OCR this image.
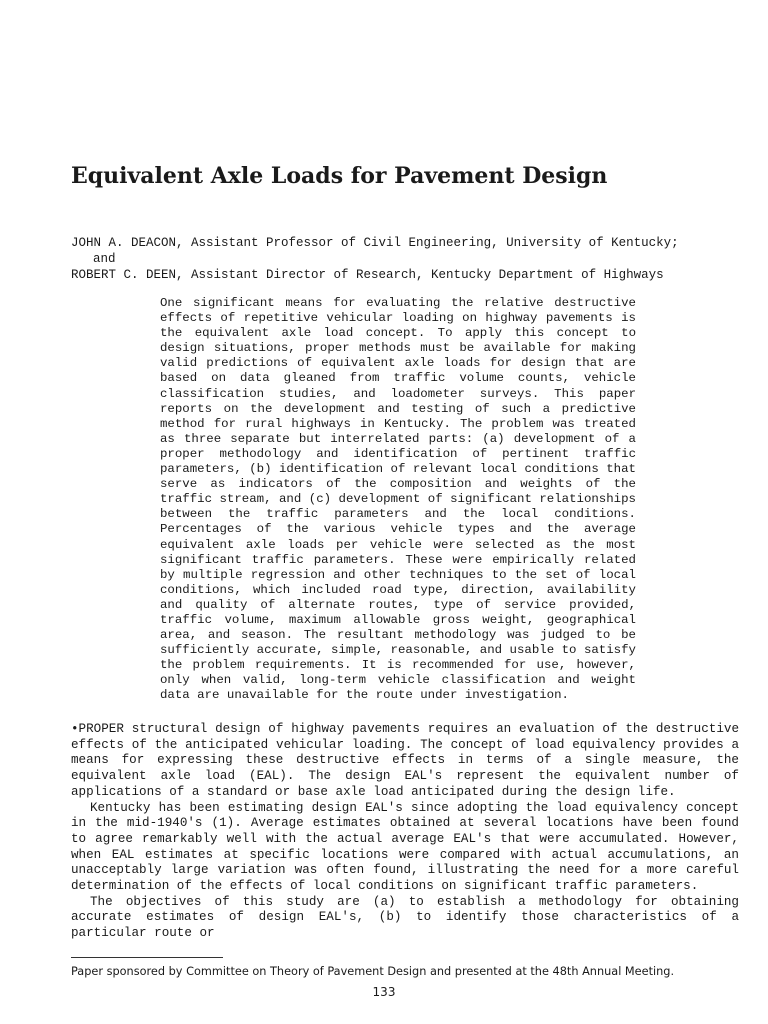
Equivalent Axle Loads for Pavement Design
JOHN A. DEACON, Assistant Professor of Civil Engineering, University of Kentucky;
and
ROBERT C. DEEN, Assistant Director of Research, Kentucky Department of Highways

One significant means for evaluating the relative destructive effects of repetitive vehicular loading on highway pavements is the equivalent axle load concept. To apply this concept to design situations, proper methods must be available for making valid predictions of equivalent axle loads for design that are based on data gleaned from traffic volume counts, vehicle classification studies, and loadometer surveys. This paper reports on the development and testing of such a predictive method for rural highways in Kentucky. The problem was treated as three separate but interrelated parts: (a) development of a proper methodology and identification of pertinent traffic parameters, (b) identification of relevant local conditions that serve as indicators of the composition and weights of the traffic stream, and (c) development of significant relationships between the traffic parameters and the local conditions. Percentages of the various vehicle types and the average equivalent axle loads per vehicle were selected as the most significant traffic parameters. These were empirically related by multiple regression and other techniques to the set of local conditions, which included road type, direction, availability and quality of alternate routes, type of service provided, traffic volume, maximum allowable gross weight, geographical area, and season. The resultant methodology was judged to be sufficiently accurate, simple, reasonable, and usable to satisfy the problem requirements. It is recommended for use, however, only when valid, long-term vehicle classification and weight data are unavailable for the route under investigation.

•PROPER structural design of highway pavements requires an evaluation of the destructive effects of the anticipated vehicular loading. The concept of load equivalency provides a means for expressing these destructive effects in terms of a single measure, the equivalent axle load (EAL). The design EAL's represent the equivalent number of applications of a standard or base axle load anticipated during the design life.

Kentucky has been estimating design EAL's since adopting the load equivalency concept in the mid-1940's (1). Average estimates obtained at several locations have been found to agree remarkably well with the actual average EAL's that were accumulated. However, when EAL estimates at specific locations were compared with actual accumulations, an unacceptably large variation was often found, illustrating the need for a more careful determination of the effects of local conditions on significant traffic parameters.

The objectives of this study are (a) to establish a methodology for obtaining accurate estimates of design EAL's, (b) to identify those characteristics of a particular route or

Paper sponsored by Committee on Theory of Pavement Design and presented at the 48th Annual Meeting.
133
